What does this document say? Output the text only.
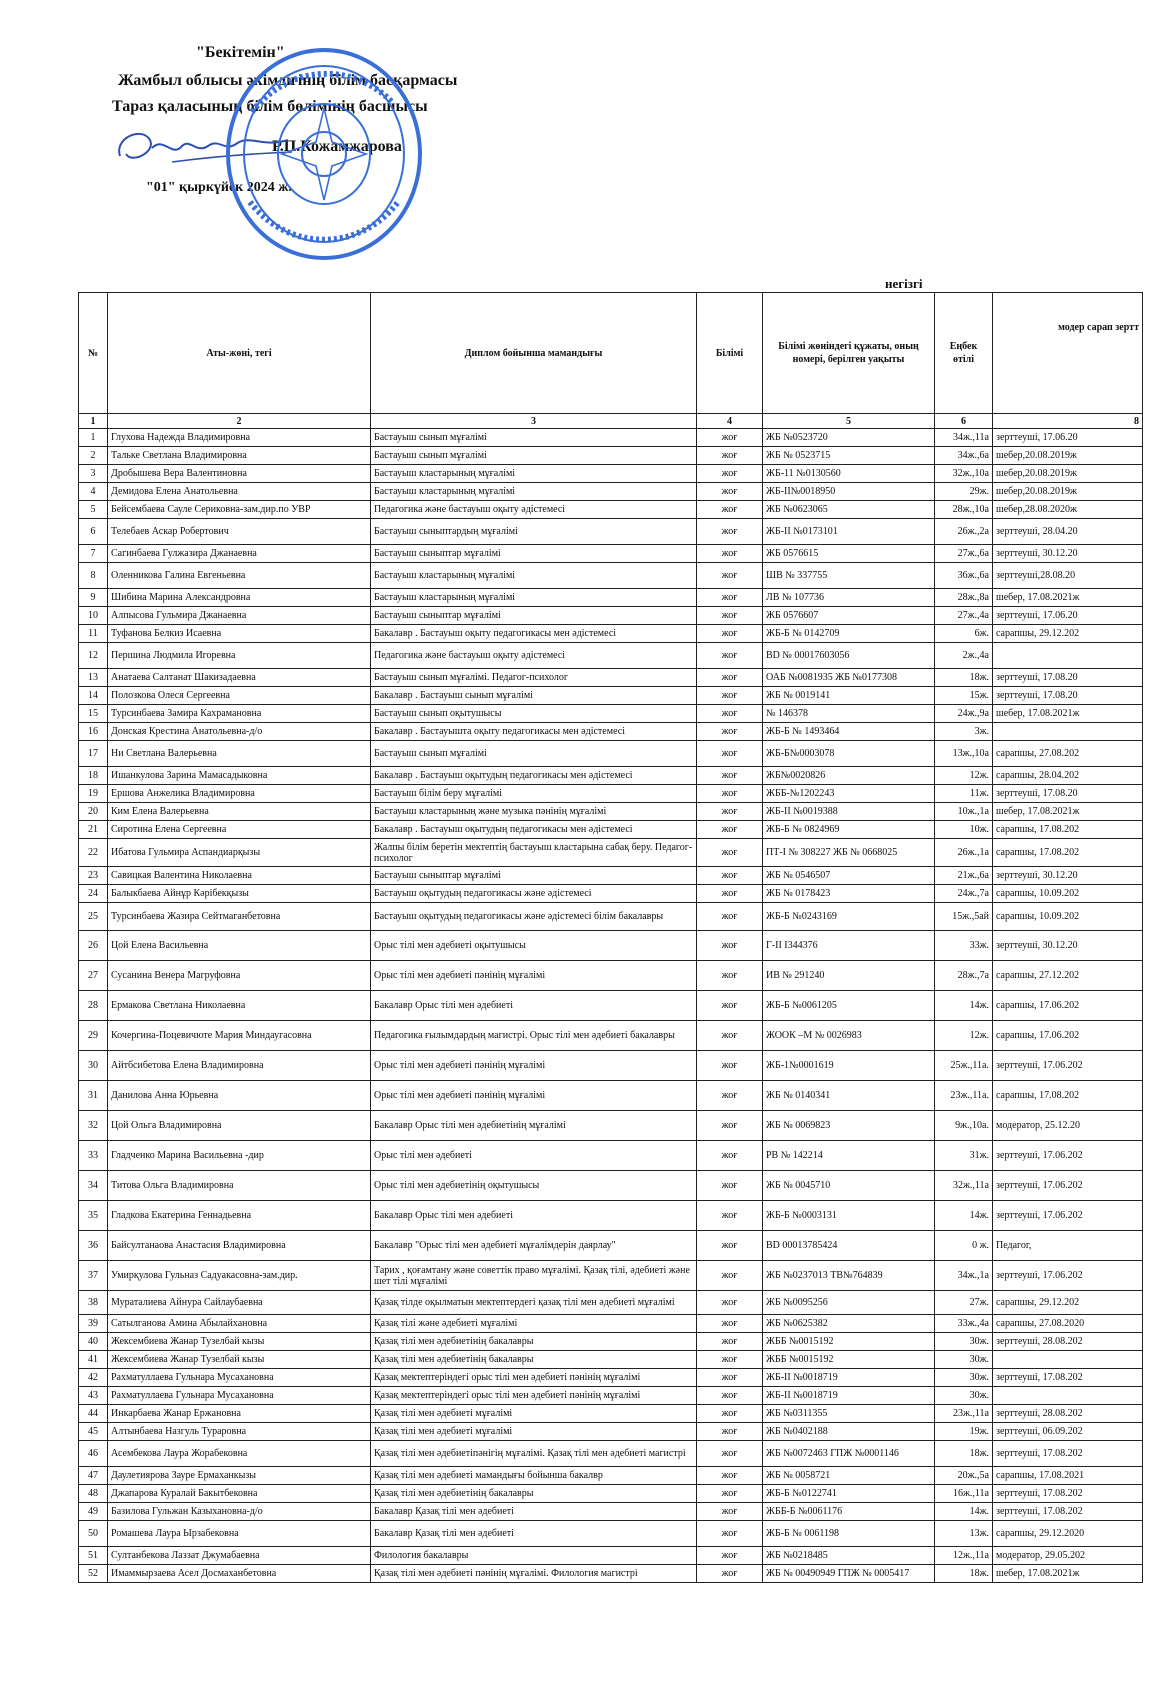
"Бекітемін"
Жамбыл облысы әкімдігінің білім басқармасы
Тараз қаласының білім бөлімінің басшысы
Р.П.Кожамжарова
"01" қыркүйек 2024 ж.
негізгі
№	Аты-жөні, тегі	Диплом бойынша мамандығы	Білімі	Білімі жөніндегі құжаты, оның номері, берілген уақыты	Еңбек өтілі	модер сарап зертт
1	2	3	4	5	6	8
1	Глухова Надежда Владимировна	Бастауыш сынып мұғалімі	жоғ	ЖБ №0523720	34ж.,11а	зерттеуші, 17.06.20
2	Тальке Светлана Владимировна	Бастауыш сынып мұғалімі	жоғ	ЖБ № 0523715	34ж.,6а	шебер,20.08.2019ж
3	Дробышева Вера Валентиновна	Бастауыш кластарының мұғалімі	жоғ	ЖБ-11 №0130560	32ж.,10а	шебер,20.08.2019ж
4	Демидова Елена Анатольевна	Бастауыш кластарының мұғалімі	жоғ	ЖБ-ІІ№0018950	29ж.	шебер,20.08.2019ж
5	Бейсембаева Сауле Сериковна-зам.дир.по УВР	Педагогика және бастауыш оқыту әдістемесі	жоғ	ЖБ №0623065	28ж.,10а	шебер,28.08.2020ж
6	Телебаев Аскар Робертович	Бастауыш сыныптардың мұғалімі	жоғ	ЖБ-ІІ №0173101	26ж.,2а	зерттеуші, 28.04.20
7	Сагинбаева Гулжазира Джанаевна	Бастауыш сыныптар мұғалімі	жоғ	ЖБ 0576615	27ж.,6а	зерттеуші, 30.12.20
8	Оленникова Галина Евгеньевна	Бастауыш кластарының мұғалімі	жоғ	ШВ № 337755	36ж.,6а	зерттеуші,28.08.20
9	Шибина Марина Александровна	Бастауыш кластарының мұғалімі	жоғ	ЛВ № 107736	28ж.,8а	шебер, 17.08.2021ж
10	Алпысова Гульмира Джанаевна	Бастауыш сыныптар мұғалімі	жоғ	ЖБ 0576607	27ж.,4а	зерттеуші, 17.06.20
11	Туфанова Белкиз Исаевна	Бакалавр . Бастауыш оқыту педагогикасы мен әдістемесі	жоғ	ЖБ-Б № 0142709	6ж.	сарапшы, 29.12.202
12	Першина Людмила Игоревна	Педагогика және бастауыш оқыту әдістемесі	жоғ	BD № 00017603056	2ж.,4а	
13	Анатаева Салтанат Шакизадаевна	Бастауыш сынып мұғалімі. Педагог-психолог	жоғ	ОАБ №0081935 ЖБ №0177308	18ж.	зерттеуші, 17.08.20
14	Полозкова Олеся Сергеевна	Бакалавр . Бастауыш сынып мұғалімі	жоғ	ЖБ № 0019141	15ж.	зерттеуші, 17.08.20
15	Турсинбаева Замира Кахрамановна	Бастауыш сынып оқытушысы	жоғ	№ 146378	24ж.,9а	шебер, 17.08.2021ж
16	Донская Крестина Анатольевна-д/о	Бакалавр . Бастауышта оқыту педагогикасы мен әдістемесі	жоғ	ЖБ-Б № 1493464	3ж.	
17	Ни Светлана Валерьевна	Бастауыш сынып мұғалімі	жоғ	ЖБ-Б№0003078	13ж.,10а	сарапшы, 27.08.202
18	Ишанкулова Зарина Мамасадыковна	Бакалавр . Бастауыш оқытудың педагогикасы мен әдістемесі	жоғ	ЖБ№0020826	12ж.	сарапшы, 28.04.202
19	Ершова Анжелика Владимировна	Бастауыш білім беру мұғалімі	жоғ	ЖББ-№1202243	11ж.	зерттеуші, 17.08.20
20	Ким Елена Валерьевна	Бастауыш кластарының және музыка пәнінің мұғалімі	жоғ	ЖБ-ІІ №0019388	10ж.,1а	шебер, 17.08.2021ж
21	Сиротина Елена Сергеевна	Бакалавр . Бастауыш оқытудың педагогикасы мен әдістемесі	жоғ	ЖБ-Б № 0824969	10ж.	сарапшы, 17.08.202
22	Ибатова Гульмира Аспандиарқызы	Жалпы білім беретін мектептің бастауыш кластарына сабақ беру. Педагог-психолог	жоғ	ПТ-І № 308227 ЖБ № 0668025	26ж.,1а	сарапшы, 17.08.202
23	Савицкая Валентина Николаевна	Бастауыш сыныптар мұғалімі	жоғ	ЖБ № 0546507	21ж.,6а	зерттеуші, 30.12.20
24	Балыкбаева Айнұр Кәрібекқызы	Бастауыш оқытудың педагогикасы және әдістемесі	жоғ	ЖБ № 0178423	24ж.,7а	сарапшы, 10.09.202
25	Турсинбаева Жазира Сейтмаганбетовна	Бастауыш оқытудың педагогикасы және әдістемесі білім бакалавры	жоғ	ЖБ-Б №0243169	15ж.,5ай	сарапшы, 10.09.202
26	Цой Елена Васильевна	Орыс тілі мен әдебиеті оқытушысы	жоғ	Г-ІІ І344376	33ж.	зерттеуші, 30.12.20
27	Сусанина Венера Магруфовна	Орыс тілі мен әдебиеті пәнінің мұғалімі	жоғ	ИВ № 291240	28ж.,7а	сарапшы, 27.12.202
28	Ермакова Светлана Николаевна	Бакалавр Орыс тілі мен әдебиеті	жоғ	ЖБ-Б №0061205	14ж.	сарапшы, 17.06.202
29	Кочергина-Поцевичюте Мария Миндаугасовна	Педагогика ғылымдардың магистрі. Орыс тілі мен әдебиеті бакалавры	жоғ	ЖООК –М № 0026983	12ж.	сарапшы, 17.06.202
30	Айтбсибетова Елена Владимировна	Орыс тілі мен әдебиеті пәнінің мұғалімі	жоғ	ЖБ-1№0001619	25ж.,11а.	зерттеуші, 17.06.202
31	Данилова Анна Юрьевна	Орыс тілі мен әдебиеті пәнінің мұғалімі	жоғ	ЖБ № 0140341	23ж.,11а.	сарапшы, 17.08.202
32	Цой Ольга Владимировна	Бакалавр Орыс тілі мен әдебиетінің мұғалімі	жоғ	ЖБ № 0069823	9ж.,10а.	модератор, 25.12.20
33	Гладченко Марина Васильевна -дир	Орыс тілі мен әдебиеті	жоғ	РВ № 142214	31ж.	зерттеуші, 17.06.202
34	Титова Ольга Владимировна	Орыс тілі мен әдебиетінің оқытушысы	жоғ	ЖБ № 0045710	32ж.,11а	зерттеуші, 17.06.202
35	Гладкова Екатерина Геннадьевна	Бакалавр Орыс тілі мен әдебиеті	жоғ	ЖБ-Б №0003131	14ж.	зерттеуші, 17.06.202
36	Байсултанаова Анастасия Владимировна	Бакалавр "Орыс тілі мен әдебиеті мұғалімдерін даярлау"	жоғ	BD 00013785424	0 ж.	Педагог,
37	Умирқулова Гульназ Садуакасовна-зам.дир.	Тарих , қоғамтану және советтік право мұғалімі. Қазақ тілі, әдебиеті және шет тілі мұғалімі	жоғ	ЖБ №0237013 ТВ№764839	34ж.,1а	зерттеуші, 17.06.202
38	Мураталиева Айнура Сайлаубаевна	Қазақ тілде оқылматын мектептердегі қазақ тілі мен әдебиеті мұғалімі	жоғ	ЖБ №0095256	27ж.	сарапшы, 29.12.202
39	Сатылганова Амина Абылайхановна	Қазақ тілі және әдебиеті мұғалімі	жоғ	ЖБ №0625382	33ж.,4а	сарапшы, 27.08.2020
40	Жексембиева Жанар Тузелбай кызы	Қазақ тілі мен әдебиетінің бакалавры	жоғ	ЖББ №0015192	30ж.	зерттеуші, 28.08.202
41	Жексембиева Жанар Тузелбай кызы	Қазақ тілі мен әдебиетінің бакалавры	жоғ	ЖББ №0015192	30ж.	
42	Рахматуллаева Гульнара Мусахановна	Қазақ мектептеріндегі орыс тілі мен әдебиеті пәнінің мұғалімі	жоғ	ЖБ-ІІ №0018719	30ж.	зерттеуші, 17.08.202
43	Рахматуллаева Гульнара Мусахановна	Қазақ мектептеріндегі орыс тілі мен әдебиеті пәнінің мұғалімі	жоғ	ЖБ-ІІ №0018719	30ж.	
44	Инкарбаева Жанар Ержановна	Қазақ тілі мен әдебиеті мұғалімі	жоғ	ЖБ №0311355	23ж.,11а	зерттеуші, 28.08.202
45	Алтынбаева Назгуль Тураровна	Қазақ тілі мен әдебиеті мұғалімі	жоғ	ЖБ №0402188	19ж.	зерттеуші, 06.09.202
46	Асембекова Лаура Жорабековна	Қазақ тілі мен әдебиетіпәнігің мұғалімі. Қазақ тілі мен әдебиеті магистрі	жоғ	ЖБ №0072463 ГПЖ №0001146	18ж.	зерттеуші, 17.08.202
47	Даулетиярова Зауре Ермаханкызы	Қазақ тілі мен әдебиеті мамандығы бойынша бакалвр	жоғ	ЖБ № 0058721	20ж.,5а	сарапшы, 17.08.2021
48	Джапарова Куралай Бакытбековна	Қазақ тілі мен әдебиетінің бакалавры	жоғ	ЖБ-Б №0122741	16ж.,11а	зерттеуші, 17.08.202
49	Базилова Гульжан Казыхановна-д/о	Бакалавр Қазақ тілі мен әдебиеті	жоғ	ЖББ-Б №0061176	14ж.	зерттеуші, 17.08.202
50	Ромашева Лаура Ырзабековна	Бакалавр Қазақ тілі мен әдебиеті	жоғ	ЖБ-Б № 0061198	13ж.	сарапшы, 29.12.2020
51	Султанбекова Лаззат Джумабаевна	Филология бакалавры	жоғ	ЖБ №0218485	12ж.,11а	модератор, 29.05.202
52	Имаммырзаева Асел Досмаханбетовна	Қазақ тілі мен әдебиеті пәнінің мұғалімі. Филология магистрі	жоғ	ЖБ № 00490949 ГПЖ № 0005417	18ж.	шебер, 17.08.2021ж
